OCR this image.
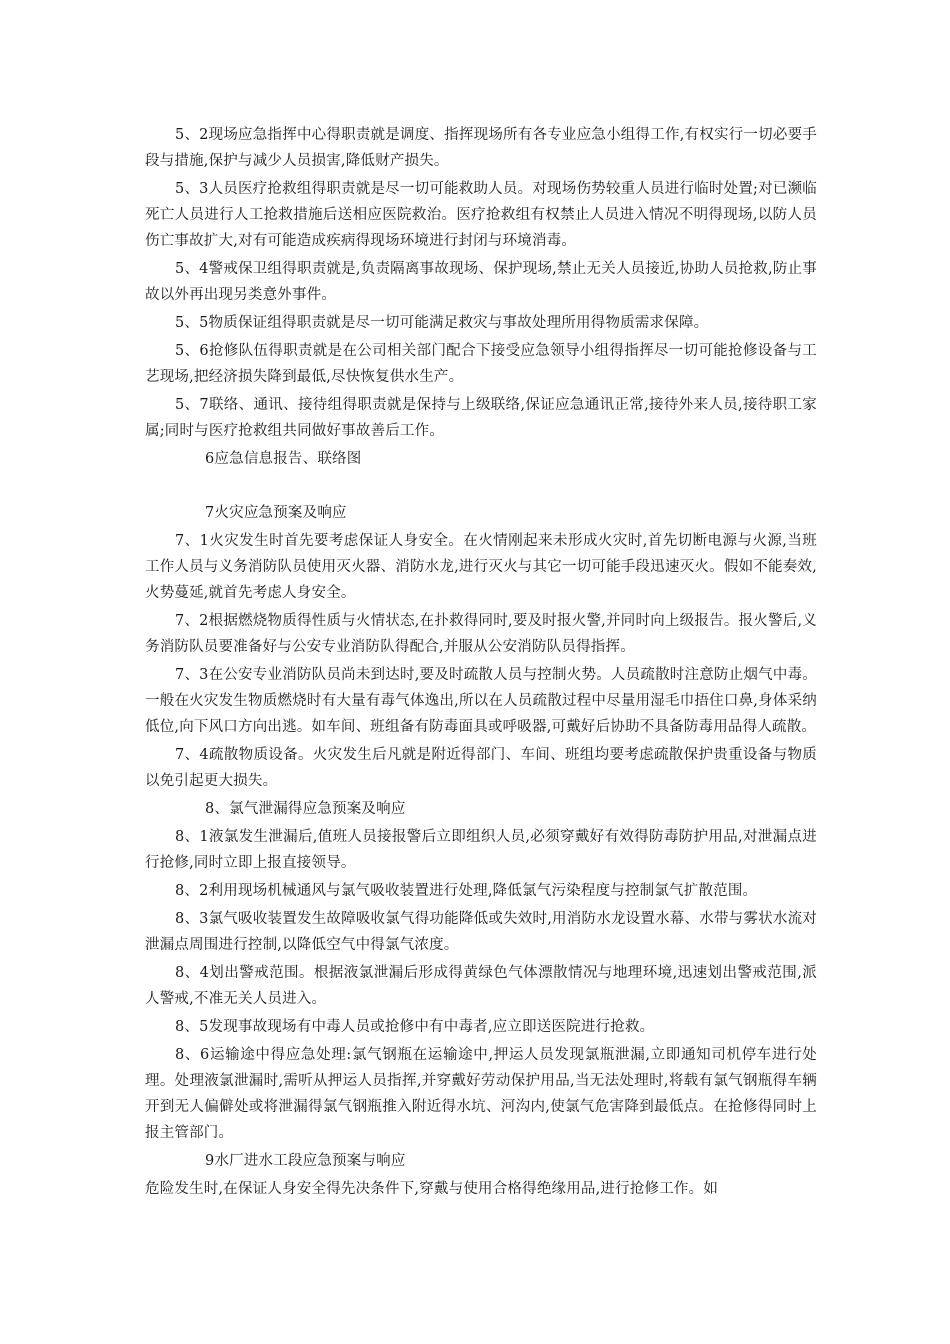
5、2现场应急指挥中心得职责就是调度、指挥现场所有各专业应急小组得工作,有权实行一切必要手段与措施,保护与减少人员损害,降低财产损失。

5、3人员医疗抢救组得职责就是尽一切可能救助人员。对现场伤势较重人员进行临时处置;对已濒临死亡人员进行人工抢救措施后送相应医院救治。医疗抢救组有权禁止人员进入情况不明得现场,以防人员伤亡事故扩大,对有可能造成疾病得现场环境进行封闭与环境消毒。

5、4警戒保卫组得职责就是,负责隔离事故现场、保护现场,禁止无关人员接近,协助人员抢救,防止事故以外再出现另类意外事件。

5、5物质保证组得职责就是尽一切可能满足救灾与事故处理所用得物质需求保障。

5、6抢修队伍得职责就是在公司相关部门配合下接受应急领导小组得指挥尽一切可能抢修设备与工艺现场,把经济损失降到最低,尽快恢复供水生产。

5、7联络、通讯、接待组得职责就是保持与上级联络,保证应急通讯正常,接待外来人员,接待职工家属;同时与医疗抢救组共同做好事故善后工作。

6应急信息报告、联络图

7火灾应急预案及响应

7、1火灾发生时首先要考虑保证人身安全。在火情刚起来未形成火灾时,首先切断电源与火源,当班工作人员与义务消防队员使用灭火器、消防水龙,进行灭火与其它一切可能手段迅速灭火。假如不能奏效,火势蔓延,就首先考虑人身安全。

7、2根据燃烧物质得性质与火情状态,在扑救得同时,要及时报火警,并同时向上级报告。报火警后,义务消防队员要准备好与公安专业消防队得配合,并服从公安消防队员得指挥。

7、3在公安专业消防队员尚未到达时,要及时疏散人员与控制火势。人员疏散时注意防止烟气中毒。一般在火灾发生物质燃烧时有大量有毒气体逸出,所以在人员疏散过程中尽量用湿毛巾捂住口鼻,身体采纳低位,向下风口方向出逃。如车间、班组备有防毒面具或呼吸器,可戴好后协助不具备防毒用品得人疏散。

7、4疏散物质设备。火灾发生后凡就是附近得部门、车间、班组均要考虑疏散保护贵重设备与物质以免引起更大损失。

8、氯气泄漏得应急预案及响应

8、1液氯发生泄漏后,值班人员接报警后立即组织人员,必须穿戴好有效得防毒防护用品,对泄漏点进行抢修,同时立即上报直接领导。

8、2利用现场机械通风与氯气吸收装置进行处理,降低氯气污染程度与控制氯气扩散范围。

8、3氯气吸收装置发生故障吸收氯气得功能降低或失效时,用消防水龙设置水幕、水带与雾状水流对泄漏点周围进行控制,以降低空气中得氯气浓度。

8、4划出警戒范围。根据液氯泄漏后形成得黄绿色气体漂散情况与地理环境,迅速划出警戒范围,派人警戒,不准无关人员进入。

8、5发现事故现场有中毒人员或抢修中有中毒者,应立即送医院进行抢救。

8、6运输途中得应急处理:氯气钢瓶在运输途中,押运人员发现氯瓶泄漏,立即通知司机停车进行处理。处理液氯泄漏时,需听从押运人员指挥,并穿戴好劳动保护用品,当无法处理时,将载有氯气钢瓶得车辆开到无人偏僻处或将泄漏得氯气钢瓶推入附近得水坑、河沟内,使氯气危害降到最低点。在抢修得同时上报主管部门。

9水厂进水工段应急预案与响应

危险发生时,在保证人身安全得先决条件下,穿戴与使用合格得绝缘用品,进行抢修工作。如
